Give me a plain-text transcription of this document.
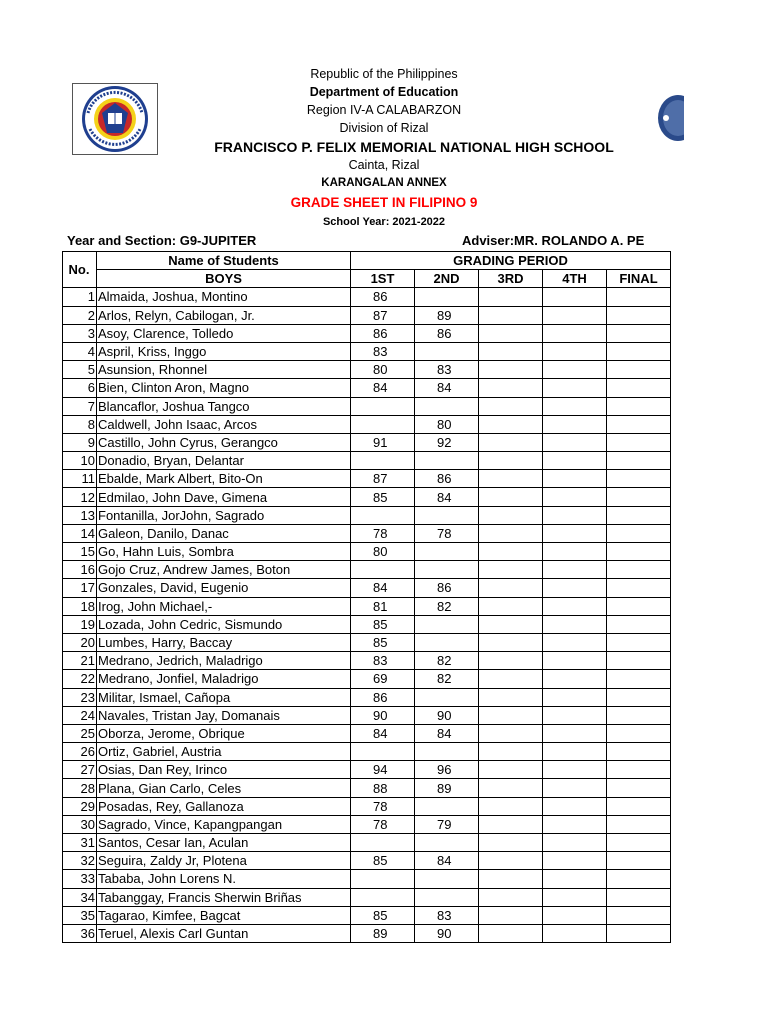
Republic of the Philippines
Department of Education
Region IV-A CALABARZON
Division of Rizal
FRANCISCO P. FELIX MEMORIAL NATIONAL HIGH SCHOOL
Cainta, Rizal
KARANGALAN ANNEX
GRADE SHEET IN FILIPINO 9
School Year: 2021-2022
Year and Section: G9-JUPITER	Adviser:MR. ROLANDO A. PE
No.	Name of Students	GRADING PERIOD				
	BOYS	1ST	2ND	3RD	4TH	FINAL
1	Almaida, Joshua, Montino	86				
2	Arlos, Relyn, Cabilogan, Jr.	87	89			
3	Asoy, Clarence, Tolledo	86	86			
4	Aspril, Kriss, Inggo	83				
5	Asunsion, Rhonnel	80	83			
6	Bien, Clinton Aron, Magno	84	84			
7	Blancaflor, Joshua Tangco					
8	Caldwell, John Isaac, Arcos		80			
9	Castillo, John Cyrus, Gerangco	91	92			
10	Donadio, Bryan, Delantar					
11	Ebalde, Mark Albert, Bito-On	87	86			
12	Edmilao, John Dave, Gimena	85	84			
13	Fontanilla, JorJohn, Sagrado					
14	Galeon, Danilo, Danac	78	78			
15	Go, Hahn Luis, Sombra	80				
16	Gojo Cruz, Andrew James, Boton					
17	Gonzales, David, Eugenio	84	86			
18	Irog, John Michael,-	81	82			
19	Lozada, John Cedric, Sismundo	85				
20	Lumbes, Harry, Baccay	85				
21	Medrano, Jedrich, Maladrigo	83	82			
22	Medrano, Jonfiel, Maladrigo	69	82			
23	Militar, Ismael, Cañopa	86				
24	Navales, Tristan Jay, Domanais	90	90			
25	Oborza, Jerome, Obrique	84	84			
26	Ortiz, Gabriel, Austria					
27	Osias, Dan Rey, Irinco	94	96			
28	Plana, Gian Carlo, Celes	88	89			
29	Posadas, Rey, Gallanoza	78				
30	Sagrado, Vince, Kapangpangan	78	79			
31	Santos, Cesar Ian, Aculan					
32	Seguira, Zaldy Jr, Plotena	85	84			
33	Tababa, John Lorens N.					
34	Tabanggay, Francis Sherwin Briñas					
35	Tagarao, Kimfee, Bagcat	85	83			
36	Teruel, Alexis Carl Guntan	89	90			
